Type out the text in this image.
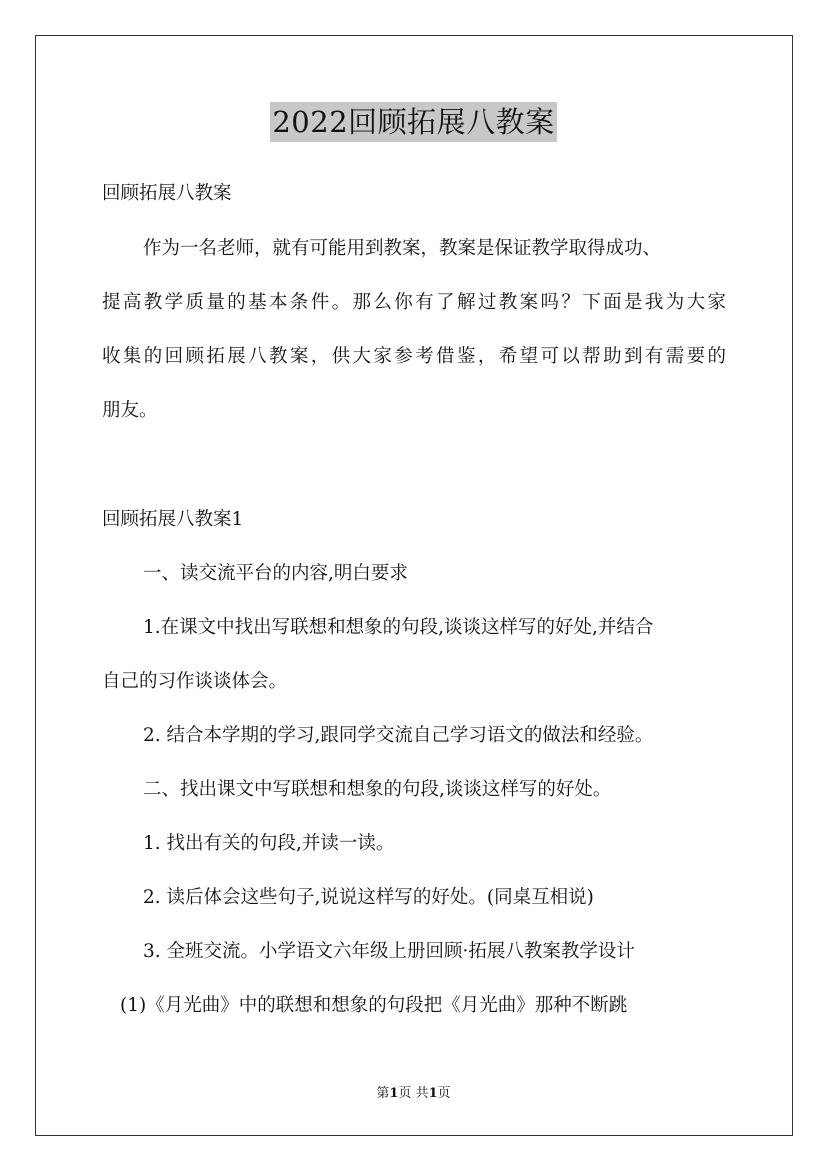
2022回顾拓展八教案
回顾拓展八教案
作为一名老师，就有可能用到教案，教案是保证教学取得成功、
提高教学质量的基本条件。那么你有了解过教案吗？下面是我为大家
收集的回顾拓展八教案，供大家参考借鉴，希望可以帮助到有需要的
朋友。
回顾拓展八教案1
一、读交流平台的内容,明白要求
1.在课文中找出写联想和想象的句段,谈谈这样写的好处,并结合
自己的习作谈谈体会。
2. 结合本学期的学习,跟同学交流自己学习语文的做法和经验。
二、找出课文中写联想和想象的句段,谈谈这样写的好处。
1. 找出有关的句段,并读一读。
2. 读后体会这些句子,说说这样写的好处。(同桌互相说)
3. 全班交流。小学语文六年级上册回顾·拓展八教案教学设计
(1)《月光曲》中的联想和想象的句段把《月光曲》那种不断跳
第1页 共1页
